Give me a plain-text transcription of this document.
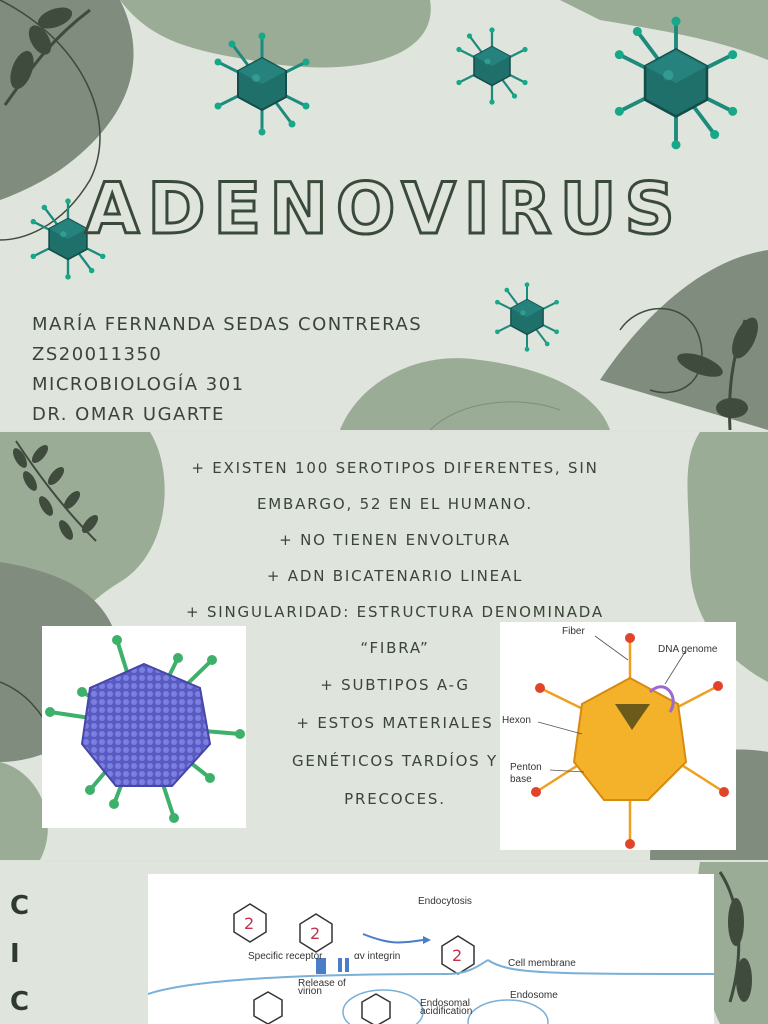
ADENOVIRUS
MARÍA FERNANDA SEDAS CONTRERAS
ZS20011350
MICROBIOLOGÍA 301
DR. OMAR UGARTE
+ EXISTEN 100 SEROTIPOS DIFERENTES, SIN
EMBARGO, 52 EN EL HUMANO.
+ NO TIENEN ENVOLTURA
+ ADN BICATENARIO LINEAL
+ SINGULARIDAD: ESTRUCTURA DENOMINADA
“FIBRA”
+ SUBTIPOS A-G
+ ESTOS MATERIALES
GENÉTICOS TARDÍOS Y
PRECOCES.
Fiber
DNA genome
Hexon
Penton
base
C
I
C
2
2
2
Endocytosis
Specific receptor	αv integrin
Cell membrane
Release of
virion
Endosomal
acidification
Endosome
